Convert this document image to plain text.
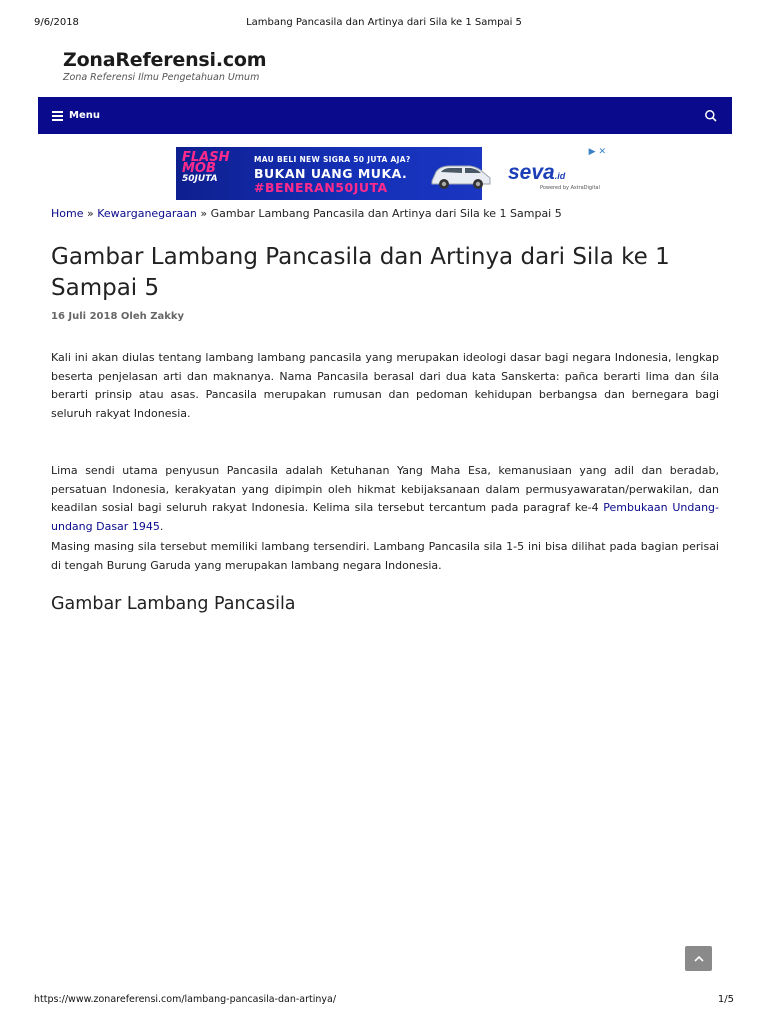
9/6/2018	Lambang Pancasila dan Artinya dari Sila ke 1 Sampai 5
ZonaReferensi.com
Zona Referensi Ilmu Pengetahuan Umum
Menu
FLASH
MOB
50JUTA
MAU BELI NEW SIGRA 50 JUTA AJA?
BUKAN UANG MUKA.
#BENERAN50JUTA
seva.id
Powered by AstraDigital
▶ ✕
Home » Kewarganegaraan » Gambar Lambang Pancasila dan Artinya dari Sila ke 1 Sampai 5
Gambar Lambang Pancasila dan Artinya dari Sila ke 1 Sampai 5
16 Juli 2018 Oleh Zakky

Kali ini akan diulas tentang lambang lambang pancasila yang merupakan ideologi dasar bagi negara Indonesia, lengkap beserta penjelasan arti dan maknanya. Nama Pancasila berasal dari dua kata Sanskerta: pañca berarti lima dan śila berarti prinsip atau asas. Pancasila merupakan rumusan dan pedoman kehidupan berbangsa dan bernegara bagi seluruh rakyat Indonesia.

Lima sendi utama penyusun Pancasila adalah Ketuhanan Yang Maha Esa, kemanusiaan yang adil dan beradab, persatuan Indonesia, kerakyatan yang dipimpin oleh hikmat kebijaksanaan dalam permusyawaratan/perwakilan, dan keadilan sosial bagi seluruh rakyat Indonesia. Kelima sila tersebut tercantum pada paragraf ke-4 Pembukaan Undang-undang Dasar 1945.

Masing masing sila tersebut memiliki lambang tersendiri. Lambang Pancasila sila 1-5 ini bisa dilihat pada bagian perisai di tengah Burung Garuda yang merupakan lambang negara Indonesia.

Gambar Lambang Pancasila
https://www.zonareferensi.com/lambang-pancasila-dan-artinya/	1/5
